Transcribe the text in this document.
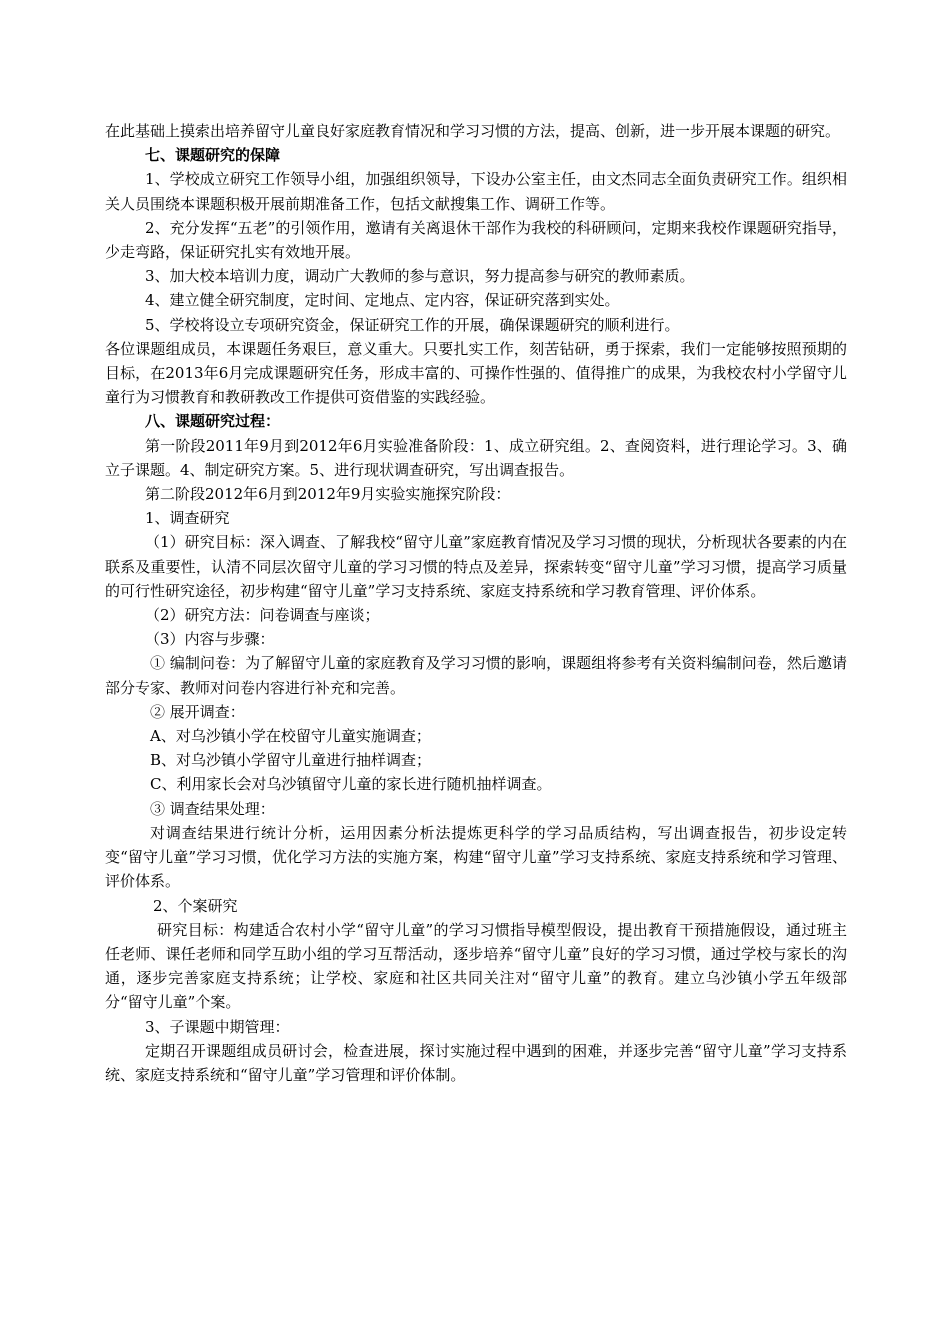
在此基础上摸索出培养留守儿童良好家庭教育情况和学习习惯的方法，提高、创新，进一步开展本课题的研究。

七、课题研究的保障

1、学校成立研究工作领导小组，加强组织领导，下设办公室主任，由文杰同志全面负责研究工作。组织相关人员围绕本课题积极开展前期准备工作，包括文献搜集工作、调研工作等。

2、充分发挥“五老”的引领作用，邀请有关离退休干部作为我校的科研顾问，定期来我校作课题研究指导，少走弯路，保证研究扎实有效地开展。

3、加大校本培训力度，调动广大教师的参与意识，努力提高参与研究的教师素质。

4、建立健全研究制度，定时间、定地点、定内容，保证研究落到实处。

5、学校将设立专项研究资金，保证研究工作的开展，确保课题研究的顺利进行。

各位课题组成员，本课题任务艰巨，意义重大。只要扎实工作，刻苦钻研，勇于探索，我们一定能够按照预期的目标，在2013年6月完成课题研究任务，形成丰富的、可操作性强的、值得推广的成果，为我校农村小学留守儿童行为习惯教育和教研教改工作提供可资借鉴的实践经验。

八、课题研究过程：

第一阶段2011年9月到2012年6月实验准备阶段：1、成立研究组。2、查阅资料，进行理论学习。3、确立子课题。4、制定研究方案。5、进行现状调查研究，写出调查报告。

第二阶段2012年6月到2012年9月实验实施探究阶段：

1、调查研究

（1）研究目标：深入调查、了解我校“留守儿童”家庭教育情况及学习习惯的现状，分析现状各要素的内在联系及重要性，认清不同层次留守儿童的学习习惯的特点及差异，探索转变“留守儿童”学习习惯，提高学习质量的可行性研究途径，初步构建“留守儿童”学习支持系统、家庭支持系统和学习教育管理、评价体系。

（2）研究方法：问卷调查与座谈；

（3）内容与步骤：

① 编制问卷：为了解留守儿童的家庭教育及学习习惯的影响，课题组将参考有关资料编制问卷，然后邀请部分专家、教师对问卷内容进行补充和完善。

② 展开调查：

A、对乌沙镇小学在校留守儿童实施调查；

B、对乌沙镇小学留守儿童进行抽样调查；

C、利用家长会对乌沙镇留守儿童的家长进行随机抽样调查。

③ 调查结果处理：

对调查结果进行统计分析，运用因素分析法提炼更科学的学习品质结构，写出调查报告，初步设定转变“留守儿童”学习习惯，优化学习方法的实施方案，构建“留守儿童”学习支持系统、家庭支持系统和学习管理、评价体系。

2、个案研究

研究目标：构建适合农村小学“留守儿童”的学习习惯指导模型假设，提出教育干预措施假设，通过班主任老师、课任老师和同学互助小组的学习互帮活动，逐步培养“留守儿童”良好的学习习惯，通过学校与家长的沟通，逐步完善家庭支持系统；让学校、家庭和社区共同关注对“留守儿童”的教育。建立乌沙镇小学五年级部分“留守儿童”个案。

3、子课题中期管理：

定期召开课题组成员研讨会，检查进展，探讨实施过程中遇到的困难，并逐步完善“留守儿童”学习支持系统、家庭支持系统和“留守儿童”学习管理和评价体制。
